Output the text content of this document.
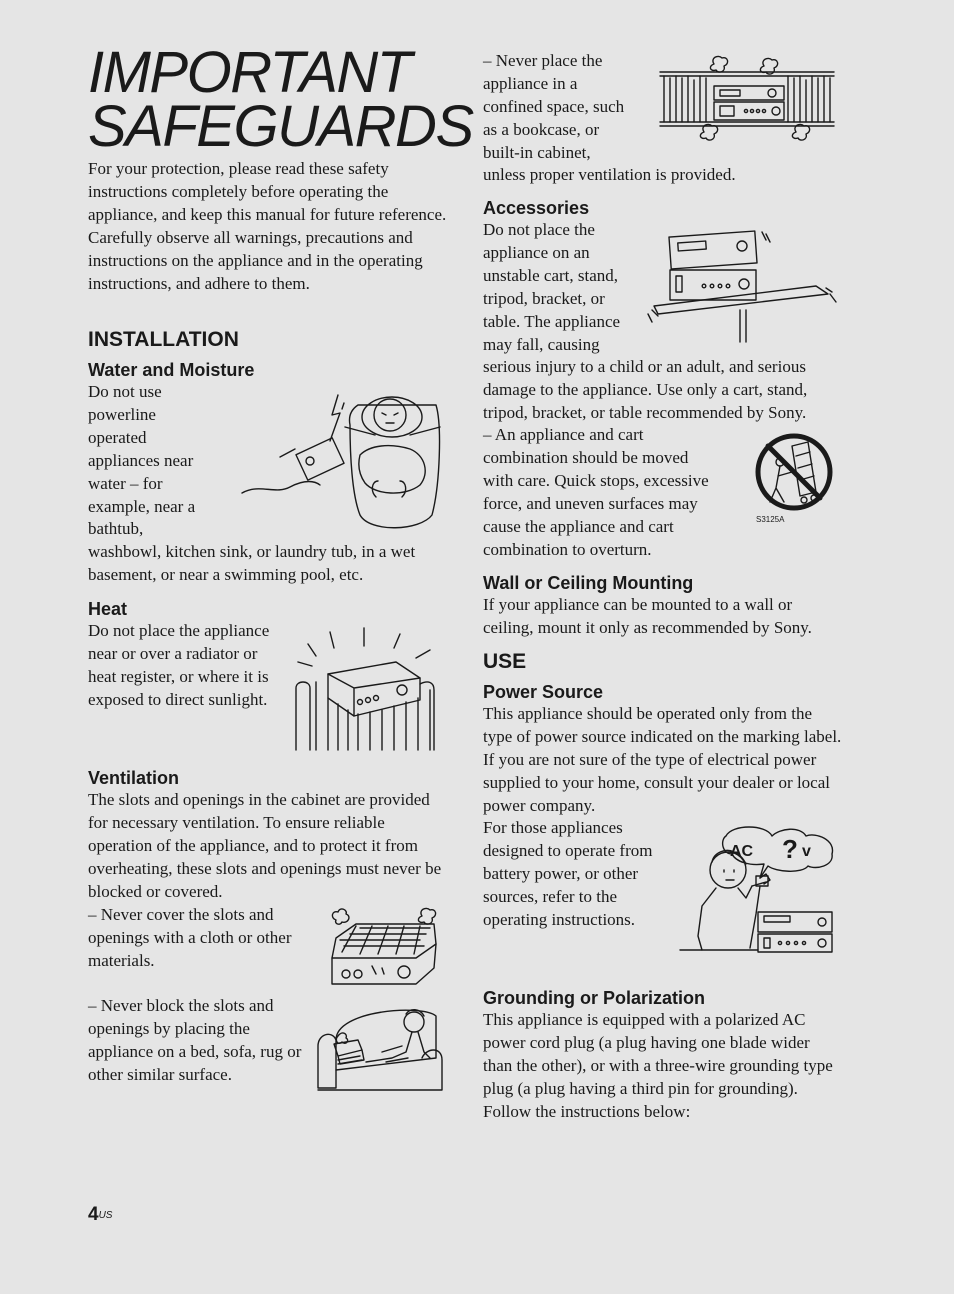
IMPORTANT
SAFEGUARDS

For your protection, please read these safety instructions completely before operating the appliance, and keep this manual for future reference.

Carefully observe all warnings, precautions and instructions on the appliance and in the operating instructions, and adhere to them.

INSTALLATION
Water and Moisture
Do not use
powerline
operated
appliances near
water – for
example, near a
bathtub,
washbowl, kitchen sink, or laundry tub, in a wet basement, or near a swimming pool, etc.
Heat
Do not place the appliance near or over a radiator or heat register, or where it is exposed to direct sunlight.
Ventilation
The slots and openings in the cabinet are provided for necessary ventilation. To ensure reliable operation of the appliance, and to protect it from overheating, these slots and openings must never be blocked or covered.
– Never cover the slots and openings with a cloth or other materials.
– Never block the slots and openings by placing the appliance on a bed, sofa, rug or other similar surface.
$4^{US}$
– Never place the
appliance in a
confined space, such
as a bookcase, or
built-in cabinet,
unless proper ventilation is provided.
Accessories
Do not place the
appliance on an
unstable cart, stand,
tripod, bracket, or
table. The appliance
may fall, causing
serious injury to a child or an adult, and serious damage to the appliance. Use only a cart, stand, tripod, bracket, or table recommended by Sony.
– An appliance and cart
combination should be moved
with care. Quick stops, excessive
force, and uneven surfaces may
cause the appliance and cart
combination to overturn.
S3125A
Wall or Ceiling Mounting
If your appliance can be mounted to a wall or ceiling, mount it only as recommended by Sony.
USE
Power Source
This appliance should be operated only from the type of power source indicated on the marking label. If you are not sure of the type of electrical power supplied to your home, consult your dealer or local power company.
For those appliances designed to operate from battery power, or other sources, refer to the operating instructions.
AC ? v
Grounding or Polarization
This appliance is equipped with a polarized AC power cord plug (a plug having one blade wider than the other), or with a three-wire grounding type plug (a plug having a third pin for grounding). Follow the instructions below:
